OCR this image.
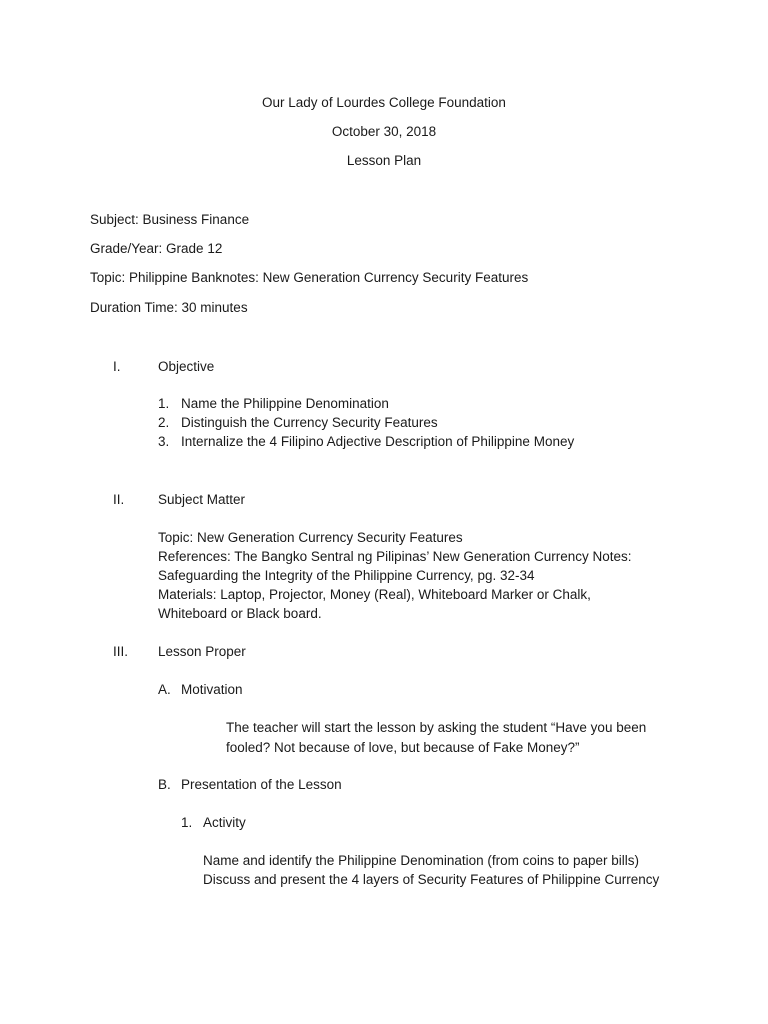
Our Lady of Lourdes College Foundation
October 30, 2018
Lesson Plan
Subject: Business Finance
Grade/Year: Grade 12
Topic: Philippine Banknotes: New Generation Currency Security Features
Duration Time: 30 minutes
I.	Objective
1. Name the Philippine Denomination
2. Distinguish the Currency Security Features
3. Internalize the 4 Filipino Adjective Description of Philippine Money
II. Subject Matter
Topic: New Generation Currency Security Features
References: The Bangko Sentral ng Pilipinas’ New Generation Currency Notes:
Safeguarding the Integrity of the Philippine Currency, pg. 32-34
Materials: Laptop, Projector, Money (Real), Whiteboard Marker or Chalk,
Whiteboard or Black board.
III. Lesson Proper
A. Motivation
The teacher will start the lesson by asking the student “Have you been
fooled? Not because of love, but because of Fake Money?”
B. Presentation of the Lesson
1. Activity
Name and identify the Philippine Denomination (from coins to paper bills)
Discuss and present the 4 layers of Security Features of Philippine Currency
